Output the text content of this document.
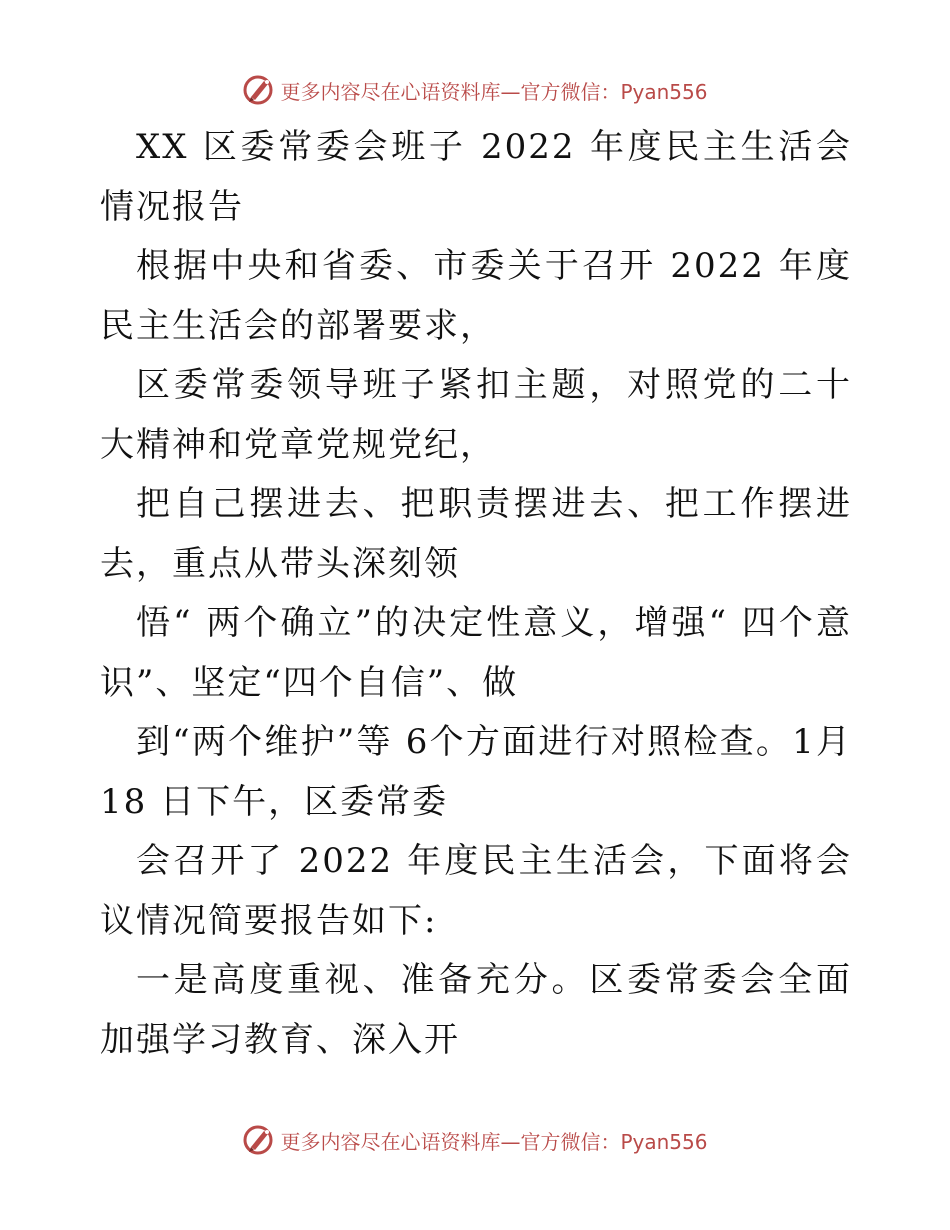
更多内容尽在心语资料库—官方微信：Pyan556

XX 区委常委会班子 2022 年度民主生活会情况报告

根据中央和省委、市委关于召开 2022 年度民主生活会的部署要求，

区委常委领导班子紧扣主题，对照党的二十大精神和党章党规党纪，

把自己摆进去、把职责摆进去、把工作摆进去，重点从带头深刻领

悟“ 两个确立”的决定性意义，增强“ 四个意识”、坚定“四个自信”、做

到“两个维护”等 6个方面进行对照检查。1月18 日下午，区委常委

会召开了 2022 年度民主生活会，下面将会议情况简要报告如下:

一是高度重视、准备充分。区委常委会全面加强学习教育、深入开

更多内容尽在心语资料库—官方微信：Pyan556
